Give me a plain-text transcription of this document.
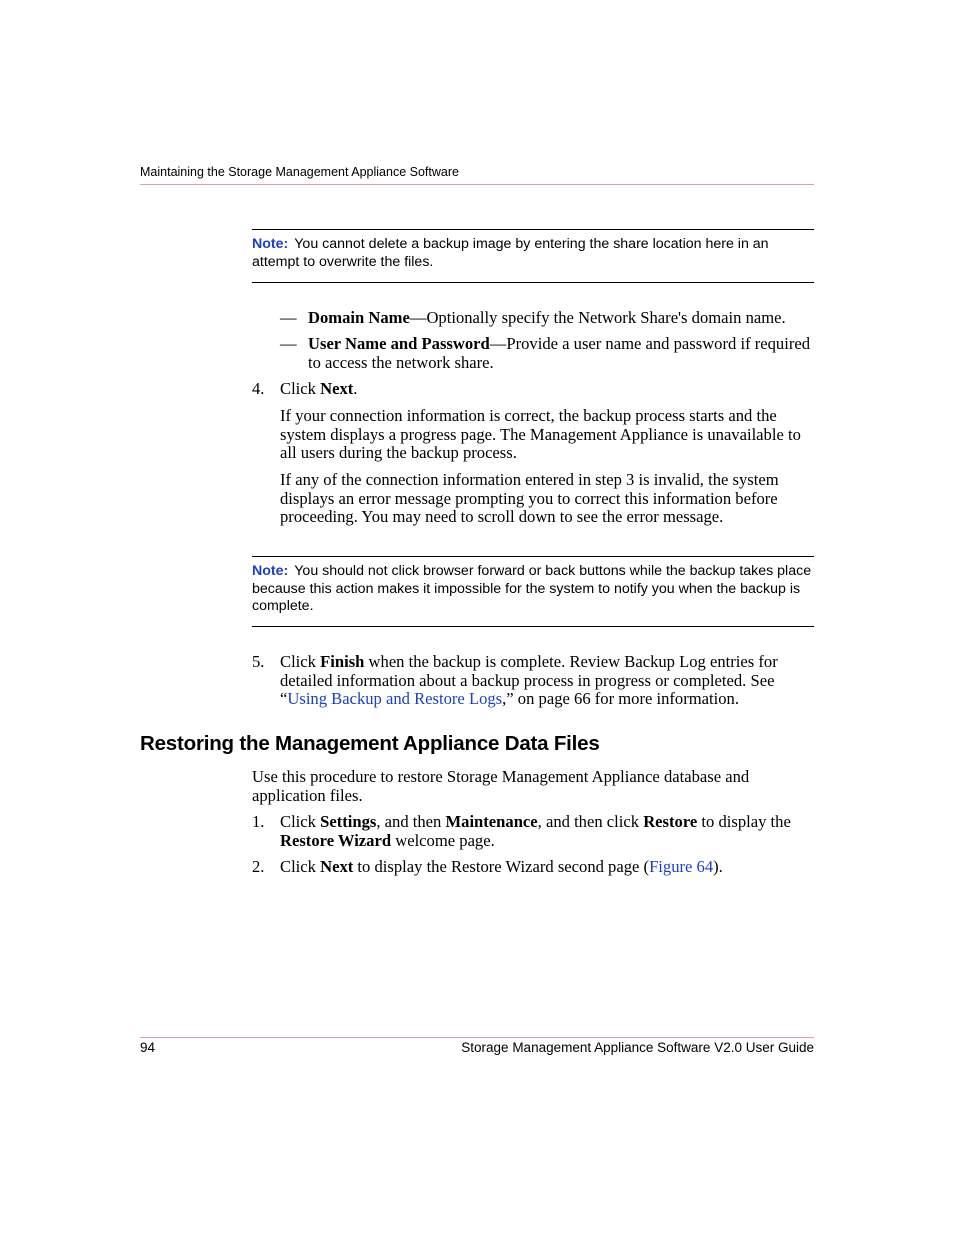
Maintaining the Storage Management Appliance Software
Note: You cannot delete a backup image by entering the share location here in an attempt to overwrite the files.
— Domain Name—Optionally specify the Network Share's domain name.
— User Name and Password—Provide a user name and password if required to access the network share.
4. Click Next.
If your connection information is correct, the backup process starts and the system displays a progress page. The Management Appliance is unavailable to all users during the backup process.
If any of the connection information entered in step 3 is invalid, the system displays an error message prompting you to correct this information before proceeding. You may need to scroll down to see the error message.
Note: You should not click browser forward or back buttons while the backup takes place because this action makes it impossible for the system to notify you when the backup is complete.
5. Click Finish when the backup is complete. Review Backup Log entries for detailed information about a backup process in progress or completed. See “Using Backup and Restore Logs,” on page 66 for more information.
Restoring the Management Appliance Data Files
Use this procedure to restore Storage Management Appliance database and application files.
1. Click Settings, and then Maintenance, and then click Restore to display the Restore Wizard welcome page.
2. Click Next to display the Restore Wizard second page (Figure 64).
94	Storage Management Appliance Software V2.0 User Guide
